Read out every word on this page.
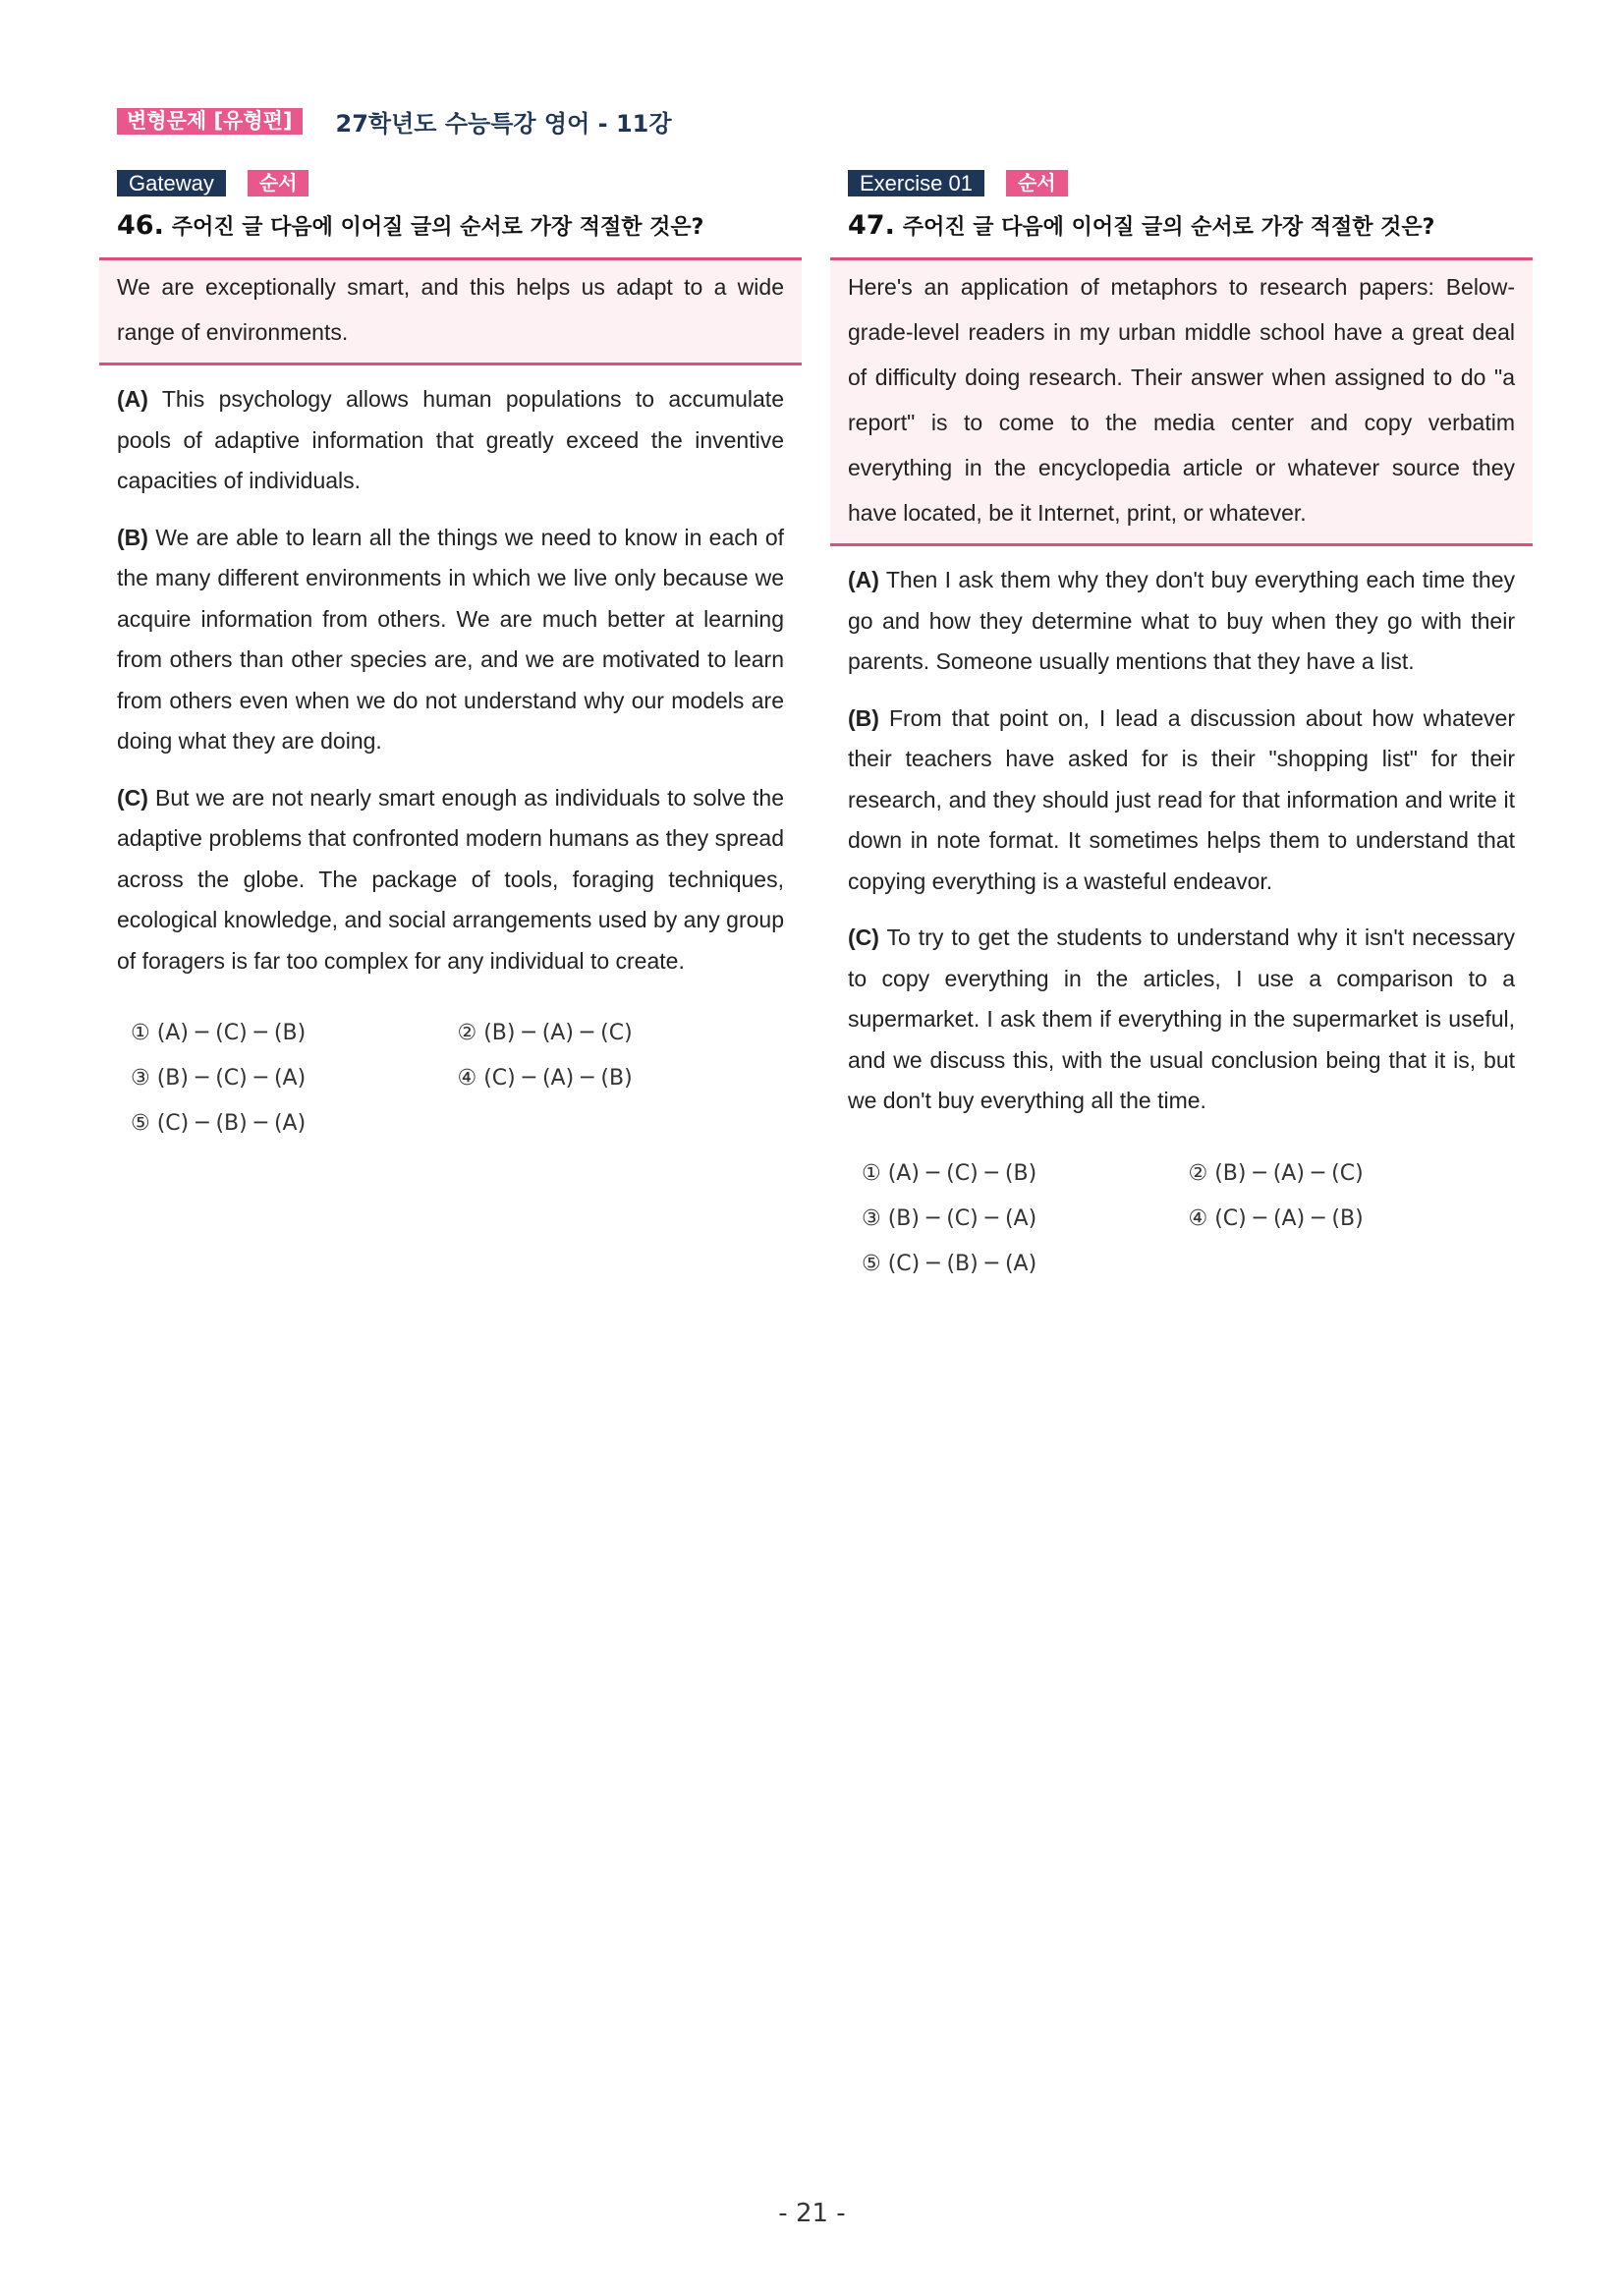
변형문제 [유형편]	27학년도 수능특강 영어 - 11강
Gateway	순서
46. 주어진 글 다음에 이어질 글의 순서로 가장 적절한 것은?
We are exceptionally smart, and this helps us adapt to a wide range of environments.
(A) This psychology allows human populations to accumulate pools of adaptive information that greatly exceed the inventive capacities of individuals.
(B) We are able to learn all the things we need to know in each of the many different environments in which we live only because we acquire information from others. We are much better at learning from others than other species are, and we are motivated to learn from others even when we do not understand why our models are doing what they are doing.
(C) But we are not nearly smart enough as individuals to solve the adaptive problems that confronted modern humans as they spread across the globe. The package of tools, foraging techniques, ecological knowledge, and social arrangements used by any group of foragers is far too complex for any individual to create.
① (A) ─ (C) ─ (B)	② (B) ─ (A) ─ (C)
③ (B) ─ (C) ─ (A)	④ (C) ─ (A) ─ (B)
⑤ (C) ─ (B) ─ (A)
Exercise 01	순서
47. 주어진 글 다음에 이어질 글의 순서로 가장 적절한 것은?
Here's an application of metaphors to research papers: Below-grade-level readers in my urban middle school have a great deal of difficulty doing research. Their answer when assigned to do "a report" is to come to the media center and copy verbatim everything in the encyclopedia article or whatever source they have located, be it Internet, print, or whatever.
(A) Then I ask them why they don't buy everything each time they go and how they determine what to buy when they go with their parents. Someone usually mentions that they have a list.
(B) From that point on, I lead a discussion about how whatever their teachers have asked for is their "shopping list" for their research, and they should just read for that information and write it down in note format. It sometimes helps them to understand that copying everything is a wasteful endeavor.
(C) To try to get the students to understand why it isn't necessary to copy everything in the articles, I use a comparison to a supermarket. I ask them if everything in the supermarket is useful, and we discuss this, with the usual conclusion being that it is, but we don't buy everything all the time.
① (A) ─ (C) ─ (B)	② (B) ─ (A) ─ (C)
③ (B) ─ (C) ─ (A)	④ (C) ─ (A) ─ (B)
⑤ (C) ─ (B) ─ (A)
- 21 -
